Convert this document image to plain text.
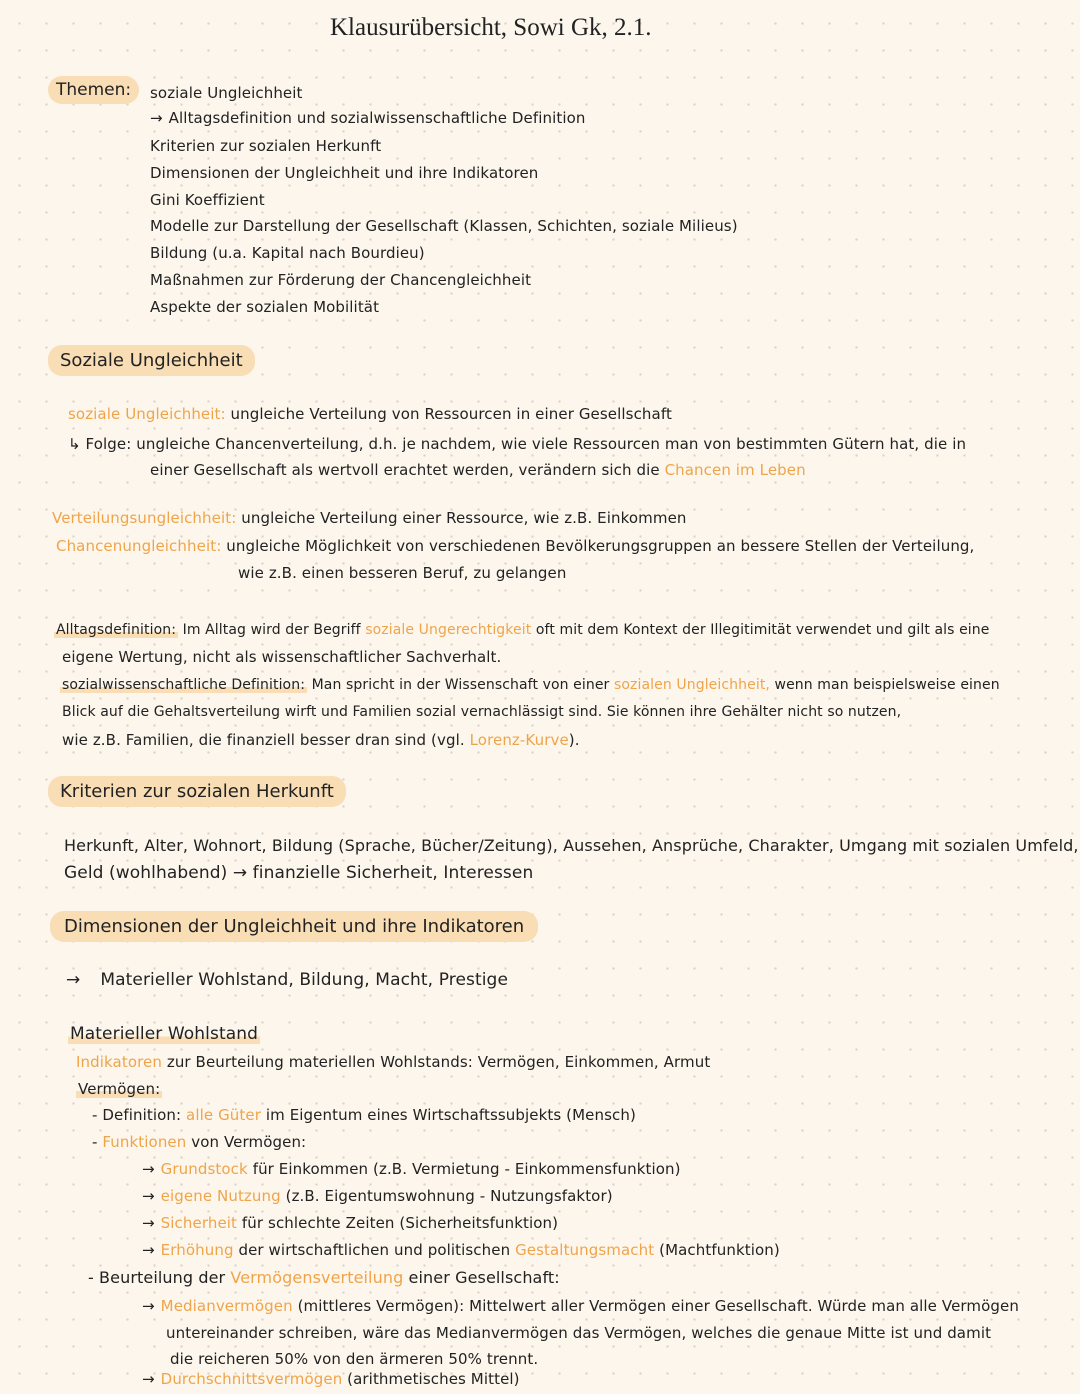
Klausurübersicht, Sowi Gk, 2.1.
Themen:	soziale Ungleichheit
→ Alltagsdefinition und sozialwissenschaftliche Definition
Kriterien zur sozialen Herkunft
Dimensionen der Ungleichheit und ihre Indikatoren
Gini Koeffizient
Modelle zur Darstellung der Gesellschaft (Klassen, Schichten, soziale Milieus)
Bildung (u.a. Kapital nach Bourdieu)
Maßnahmen zur Förderung der Chancengleichheit
Aspekte der sozialen Mobilität
Soziale Ungleichheit
soziale Ungleichheit: ungleiche Verteilung von Ressourcen in einer Gesellschaft
↳ Folge: ungleiche Chancenverteilung, d.h. je nachdem, wie viele Ressourcen man von bestimmten Gütern hat, die in
einer Gesellschaft als wertvoll erachtet werden, verändern sich die Chancen im Leben
Verteilungsungleichheit: ungleiche Verteilung einer Ressource, wie z.B. Einkommen
Chancenungleichheit: ungleiche Möglichkeit von verschiedenen Bevölkerungsgruppen an bessere Stellen der Verteilung,
wie z.B. einen besseren Beruf, zu gelangen
Alltagsdefinition: Im Alltag wird der Begriff soziale Ungerechtigkeit oft mit dem Kontext der Illegitimität verwendet und gilt als eine
eigene Wertung, nicht als wissenschaftlicher Sachverhalt.
sozialwissenschaftliche Definition: Man spricht in der Wissenschaft von einer sozialen Ungleichheit, wenn man beispielsweise einen
Blick auf die Gehaltsverteilung wirft und Familien sozial vernachlässigt sind. Sie können ihre Gehälter nicht so nutzen,
wie z.B. Familien, die finanziell besser dran sind (vgl. Lorenz-Kurve).
Kriterien zur sozialen Herkunft
Herkunft, Alter, Wohnort, Bildung (Sprache, Bücher/Zeitung), Aussehen, Ansprüche, Charakter, Umgang mit sozialen Umfeld,
Geld (wohlhabend) → finanzielle Sicherheit, Interessen
Dimensionen der Ungleichheit und ihre Indikatoren
→ Materieller Wohlstand, Bildung, Macht, Prestige
Materieller Wohlstand
Indikatoren zur Beurteilung materiellen Wohlstands: Vermögen, Einkommen, Armut
Vermögen:
- Definition: alle Güter im Eigentum eines Wirtschaftssubjekts (Mensch)
- Funktionen von Vermögen:
→ Grundstock für Einkommen (z.B. Vermietung - Einkommensfunktion)
→ eigene Nutzung (z.B. Eigentumswohnung - Nutzungsfaktor)
→ Sicherheit für schlechte Zeiten (Sicherheitsfunktion)
→ Erhöhung der wirtschaftlichen und politischen Gestaltungsmacht (Machtfunktion)
- Beurteilung der Vermögensverteilung einer Gesellschaft:
→ Medianvermögen (mittleres Vermögen): Mittelwert aller Vermögen einer Gesellschaft. Würde man alle Vermögen
untereinander schreiben, wäre das Medianvermögen das Vermögen, welches die genaue Mitte ist und damit
die reicheren 50% von den ärmeren 50% trennt.
→ Durchschnittsvermögen (arithmetisches Mittel)
